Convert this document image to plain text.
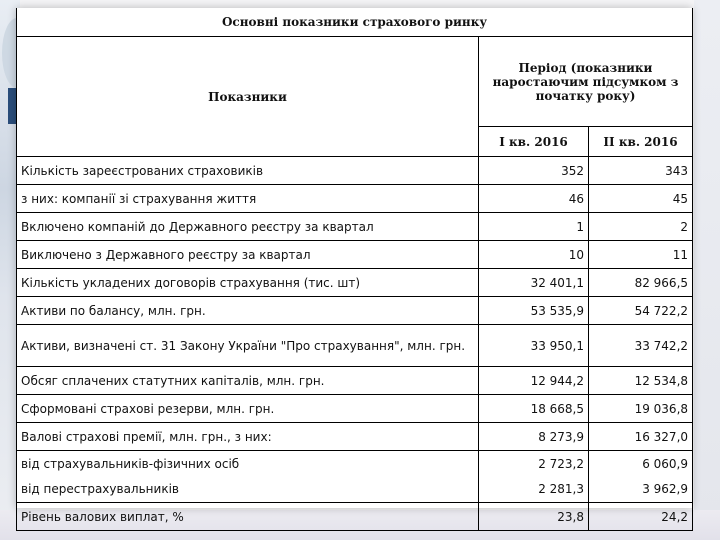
Основні показники страхового ринку		
Показники	Період (показники наростаючим підсумком з початку року)	
	І кв. 2016	ІІ кв. 2016
Кількість зареєстрованих страховиків	352	343
з них: компанії зі страхування життя	46	45
Включено компаній до Державного реєстру за квартал	1	2
Виключено з Державного реєстру за квартал	10	11
Кількість укладених договорів страхування (тис. шт)	32 401,1	82 966,5
Активи по балансу, млн. грн.	53 535,9	54 722,2
Активи, визначені ст. 31 Закону України "Про страхування", млн. грн.	33 950,1	33 742,2
Обсяг сплачених статутних капіталів, млн. грн.	12 944,2	12 534,8
Сформовані страхові резерви, млн. грн.	18 668,5	19 036,8
Валові страхові премії, млн. грн., з них:	8 273,9	16 327,0
від страхувальників-фізичних осіб	2 723,2	6 060,9
від перестрахувальників	2 281,3	3 962,9
Рівень валових виплат, %	23,8	24,2
